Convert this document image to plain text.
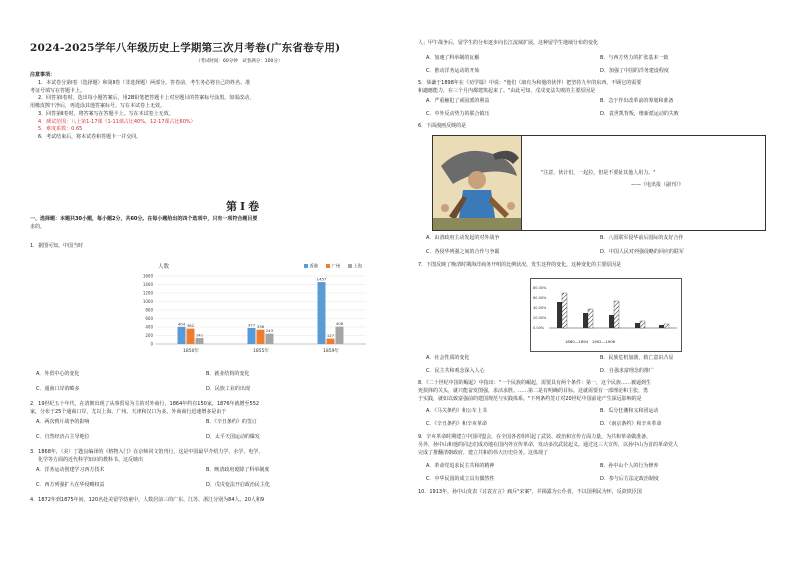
2024-2025学年八年级历史上学期第三次月考卷(广东省卷专用)
（考试时间：60分钟　试卷满分：100分）
注意事项：
1．本试卷分第Ⅰ卷（选择题）和第Ⅱ卷（非选择题）两部分。答卷前，考生务必将自己的姓名、准
考证号填写在答题卡上。
2．回答第Ⅰ卷时，选出每小题答案后，用2B铅笔把答题卡上对应题目的答案标号涂黑。如需改动，
用橡皮擦干净后，再选涂其他答案标号。写在本试卷上无效。
3．回答第Ⅱ卷时，将答案写在答题卡上。写在本试卷上无效。
4．测试范围：八上第1-17课（1-11课占比40%，12-17课占比60%）
5．难度系数：0.65
6．考试结束后，将本试卷和答题卡一并交回。
第Ⅰ卷
一、选择题：本题共30小题，每小题2分，共60分。在每小题给出的四个选项中，只有一项符合题目要
求的。
1．据图可知，中国当时
人数
0
200
400
600
800
1000
1200
1400
1600
404 362
141
1850年
377 336
243
1855年
1457
127
408
1859年
香港	广州	上海
A．外贸中心的变化	B．就业结构的变化
C．通商口岸的畸多	D．民族工业的出现
2．19世纪五十年代，在清朝出现了从事贸易为主的对外商行，1864年约有150家，1876年就增至552
家，分布于25个通商口岸，尤以上海、广州、天津和汉口为多。外商商行迅速增多是由于
A．两次鸦片战争的影响	B．《辛丑条约》的签订
C．自然经济占主导地位	D．太平天国运动的爆发
3．1868年，（美）丁韪良编译的《格物入门》在京师同文馆刊行，这是中国最早介绍力学、水学、电学、
化学等方面的近代科学知识的教科书。这反映出
A．洋务运动创建学习西方技术	B．晚清政府废除了科举制度
C．西方列强扩大在华侵略权益	D．戊戌变法开启政治民主化
4．1872年到1875年间，120名赴美留学幼童中，人数居前三的广东、江苏、浙江分别为84人、20人和9
人；甲午战争后，留学生的分布逐步向长江流域扩展。这种留学生地域分布的变化
A．加速了科举制的瓦解	B．与西方势力的扩张基本一致
C．推动洋务运动的开始	D．加强了中国的洋务建设程度
5．恭谦于1898年在《劝学篇》中说："他们（康有为和他的伙伴）把坚持九年的东西，不顾它的需要
和適應能力，在三个月内都建筑起来了。"由此可知，戊戌变法失败的主要原因是
A．严重触犯了顽固派的利益	B．急于作出改革前的筹划和准备
C．中外反动势力的联合镇压	D．袁世凯背叛，维新派运动的失败
6．下面漫画反映的是
"注意，伙计们，一起拉，但是不要扯其他人用力。"
——《电讯报（副刊）》
A．由清政府主动发起的对外战争	B．八国联军侵华前后国际的友好合作
C．各侵华列强之间的合作与争霸	D．中国人民对列强侵略的回应的联军
7．下图反映了晚清时期海洋商务开明的比例状况，发生这样的变化，这种变化的主要原因是
80.00%
60.00%
40.00%
20.00%
0.00%
1860—1894　1902—1908
A．社会性质的变化	B．民族危机加剧，救亡意识凸显
C．民主共和观念深入人心	D．自强求富理念的推广
8．《二十世纪中国的崛起》中指出："一个民族的崛起，需要具有两个条件：第一，这个民族……被逼到生
死抉择的关头，就只能奋发图强，求活求胜。……第二是有明确的目标。这就需要有一部理论和主张，勇
于实践，就如以致富强前的建国规范与实践体系。"下列条约签订对20世纪中国前途产生深远影响的是
A．《马关条约》和公车上书	B．瓜分狂潮和义和团运动
C．《辛丑条约》和辛亥革命	D．《南京条约》和辛亥革命
9．辛亥革命时期建立中国同盟会，在全国各省组织起了武装、政治和宣传方面力量，为共和革命做准备，
另外，孙中山和他的同志们成功地在国内外宣传革命，发动多次武装起义。通过这三大宣传，以孙中山为首的革命党人
完成了推翻清朝政府，建立共和的伟大历史任务。这体现了
A．革命党追求民主共和的精神	B．孙中山个人的行为修养
C．中华民国的成立具有偶然性	D．参与后方法定政治制度
10．1913年，孙中山发表《讨袁宣言》痛斥"宋案"，并揭露为公仆者，不以国利民为怀，反欲铁臣国
